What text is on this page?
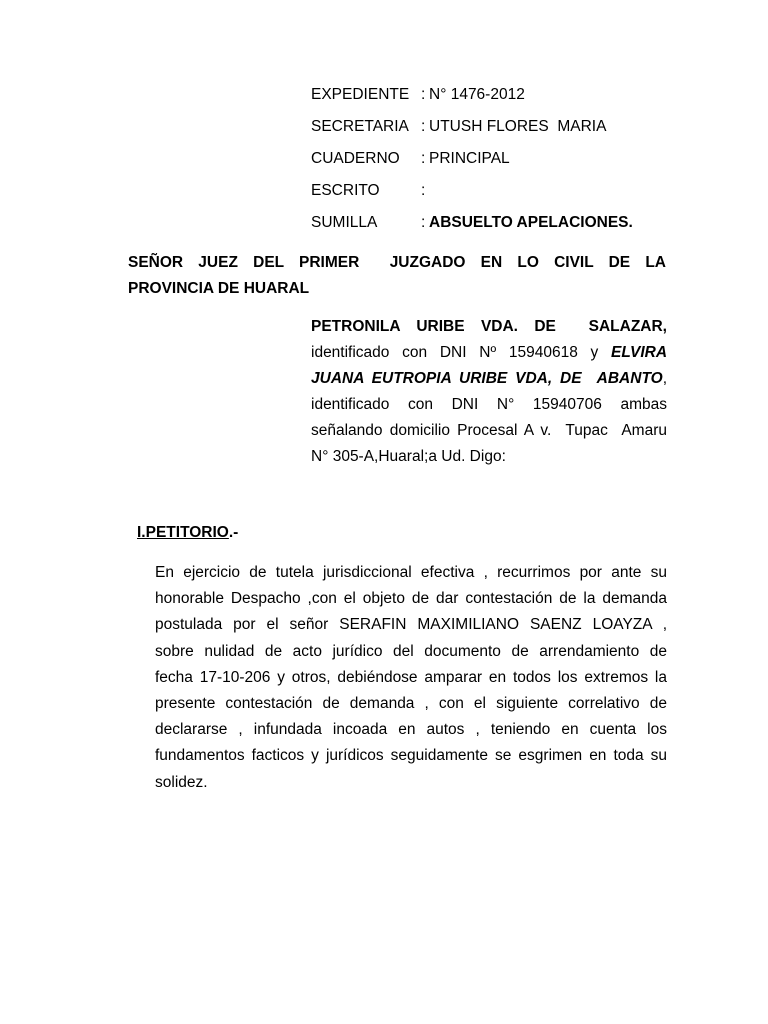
EXPEDIENTE : N° 1476-2012
SECRETARIA : UTUSH FLORES  MARIA
CUADERNO	: PRINCIPAL
ESCRITO	:
SUMILLA	: ABSUELTO APELACIONES.
SEÑOR JUEZ DEL PRIMER  JUZGADO EN LO CIVIL DE LA
PROVINCIA DE HUARAL
PETRONILA URIBE VDA. DE  SALAZAR,
identificado con DNI Nº 15940618 y ELVIRA
JUANA EUTROPIA URIBE VDA, DE  ABANTO,
identificado con DNI N° 15940706 ambas
señalando domicilio Procesal A v.  Tupac  Amaru
N° 305-A,Huaral;a Ud. Digo:
I.PETITORIO.-
En ejercicio de tutela jurisdiccional efectiva , recurrimos por ante su
honorable Despacho ,con el objeto de dar contestación de la demanda
postulada por el señor SERAFIN MAXIMILIANO SAENZ LOAYZA ,
sobre nulidad de acto jurídico del documento de arrendamiento de
fecha 17-10-206 y otros, debiéndose amparar en todos los extremos la
presente contestación de demanda , con el siguiente correlativo de
declararse , infundada incoada en autos , teniendo en cuenta los
fundamentos facticos y jurídicos seguidamente se esgrimen en toda su
solidez.
